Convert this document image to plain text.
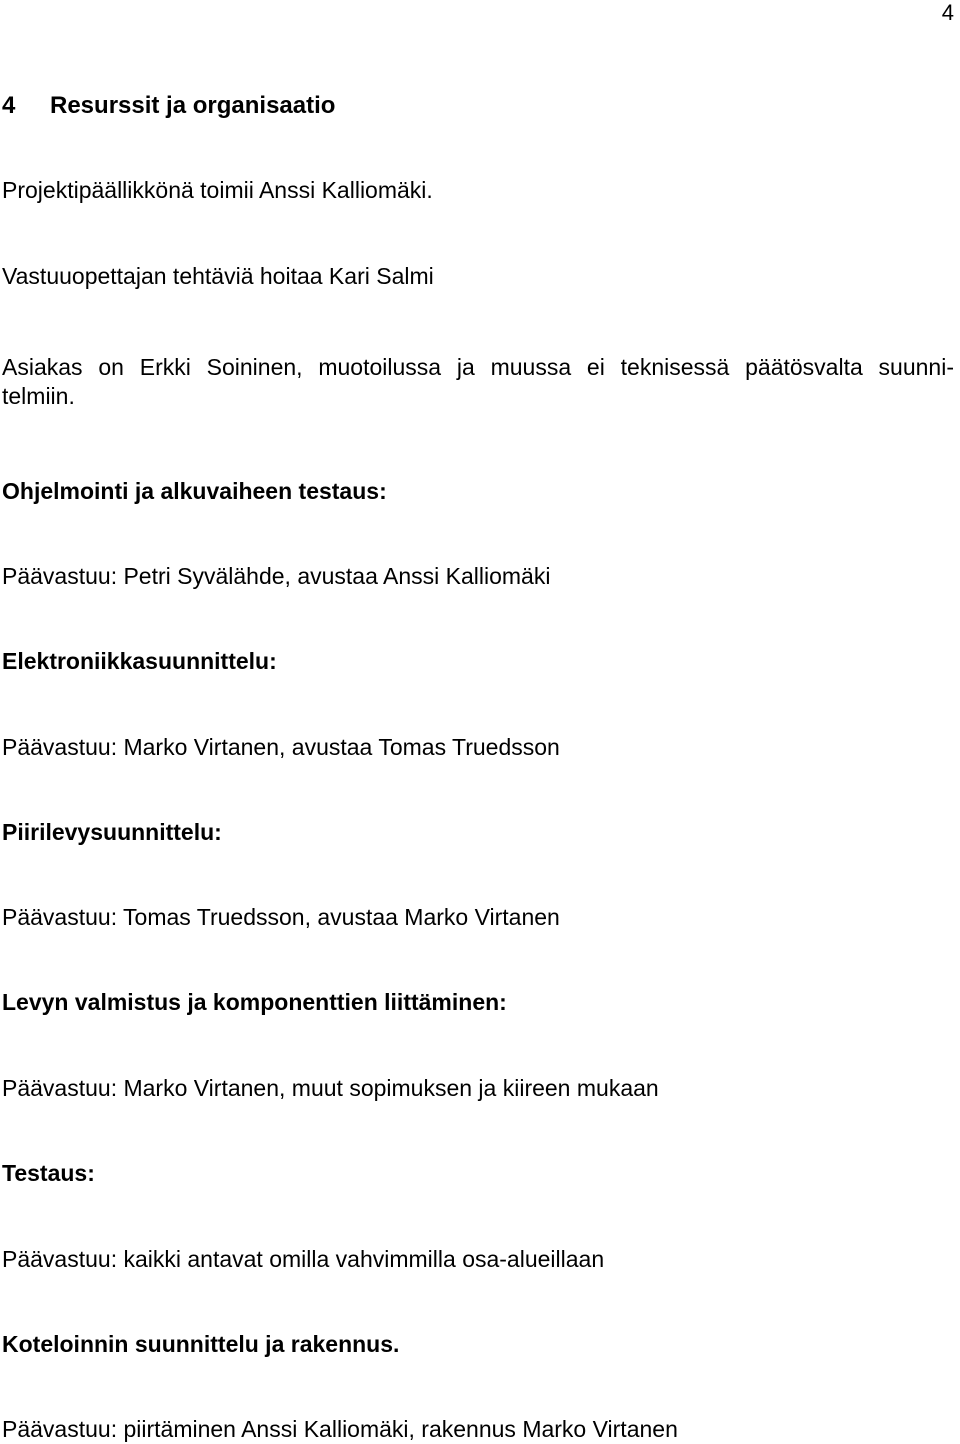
4
4 Resurssit ja organisaatio
Projektipäällikkönä toimii Anssi Kalliomäki.
Vastuuopettajan tehtäviä hoitaa Kari Salmi
Asiakas on Erkki Soininen, muotoilussa ja muussa ei teknisessä päätösvalta suunni-
telmiin.
Ohjelmointi ja alkuvaiheen testaus:
Päävastuu: Petri Syvälähde, avustaa Anssi Kalliomäki
Elektroniikkasuunnittelu:
Päävastuu: Marko Virtanen, avustaa Tomas Truedsson
Piirilevysuunnittelu:
Päävastuu: Tomas Truedsson, avustaa Marko Virtanen
Levyn valmistus ja komponenttien liittäminen:
Päävastuu: Marko Virtanen, muut sopimuksen ja kiireen mukaan
Testaus:
Päävastuu: kaikki antavat omilla vahvimmilla osa-alueillaan
Koteloinnin suunnittelu ja rakennus.
Päävastuu: piirtäminen Anssi Kalliomäki, rakennus Marko Virtanen
